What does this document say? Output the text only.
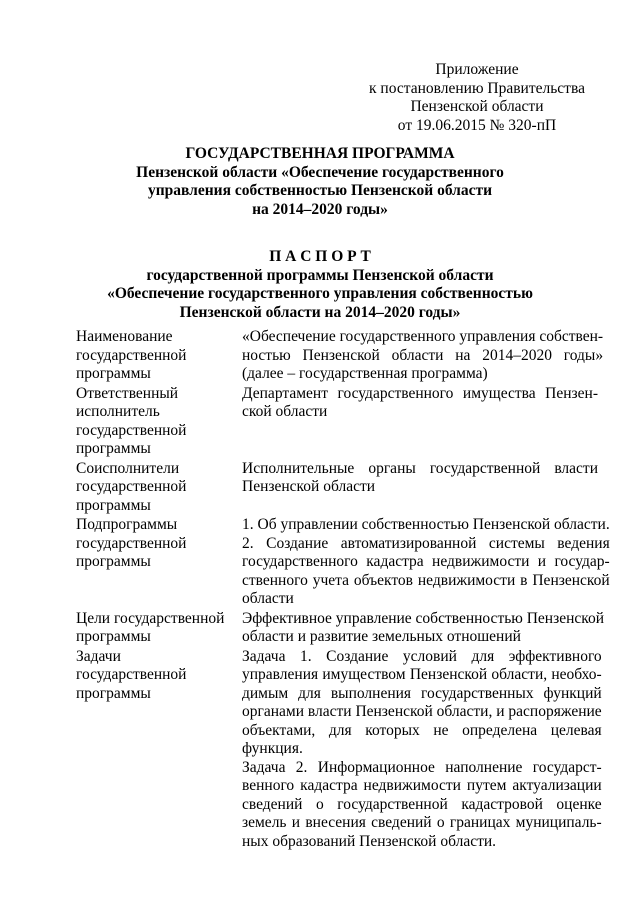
Приложение
к постановлению Правительства
Пензенской области
от 19.06.2015 № 320-пП
ГОСУДАРСТВЕННАЯ ПРОГРАММА
Пензенской области «Обеспечение государственного
управления собственностью Пензенской области
на 2014–2020 годы»
П А С П О Р Т
государственной программы Пензенской области
«Обеспечение государственного управления собственностью
Пензенской области на 2014–2020 годы»
Наименование
государственной
программы
«Обеспечение государственного управления собствен-
ностью Пензенской области на 2014–2020 годы»
(далее – государственная программа)
Ответственный
исполнитель
государственной
программы
Департамент государственного имущества Пензен-
ской области
Соисполнители
государственной
программы
Исполнительные органы государственной власти
Пензенской области
Подпрограммы
государственной
программы
1. Об управлении собственностью Пензенской области.
2. Создание автоматизированной системы ведения
государственного кадастра недвижимости и государ-
ственного учета объектов недвижимости в Пензенской
области
Цели государственной
программы
Эффективное управление собственностью Пензенской
области и развитие земельных отношений
Задачи
государственной
программы
Задача 1. Создание условий для эффективного
управления имуществом Пензенской области, необхо-
димым для выполнения государственных функций
органами власти Пензенской области, и распоряжение
объектами, для которых не определена целевая
функция.
Задача 2. Информационное наполнение государст-
венного кадастра недвижимости путем актуализации
сведений о государственной кадастровой оценке
земель и внесения сведений о границах муниципаль-
ных образований Пензенской области.
